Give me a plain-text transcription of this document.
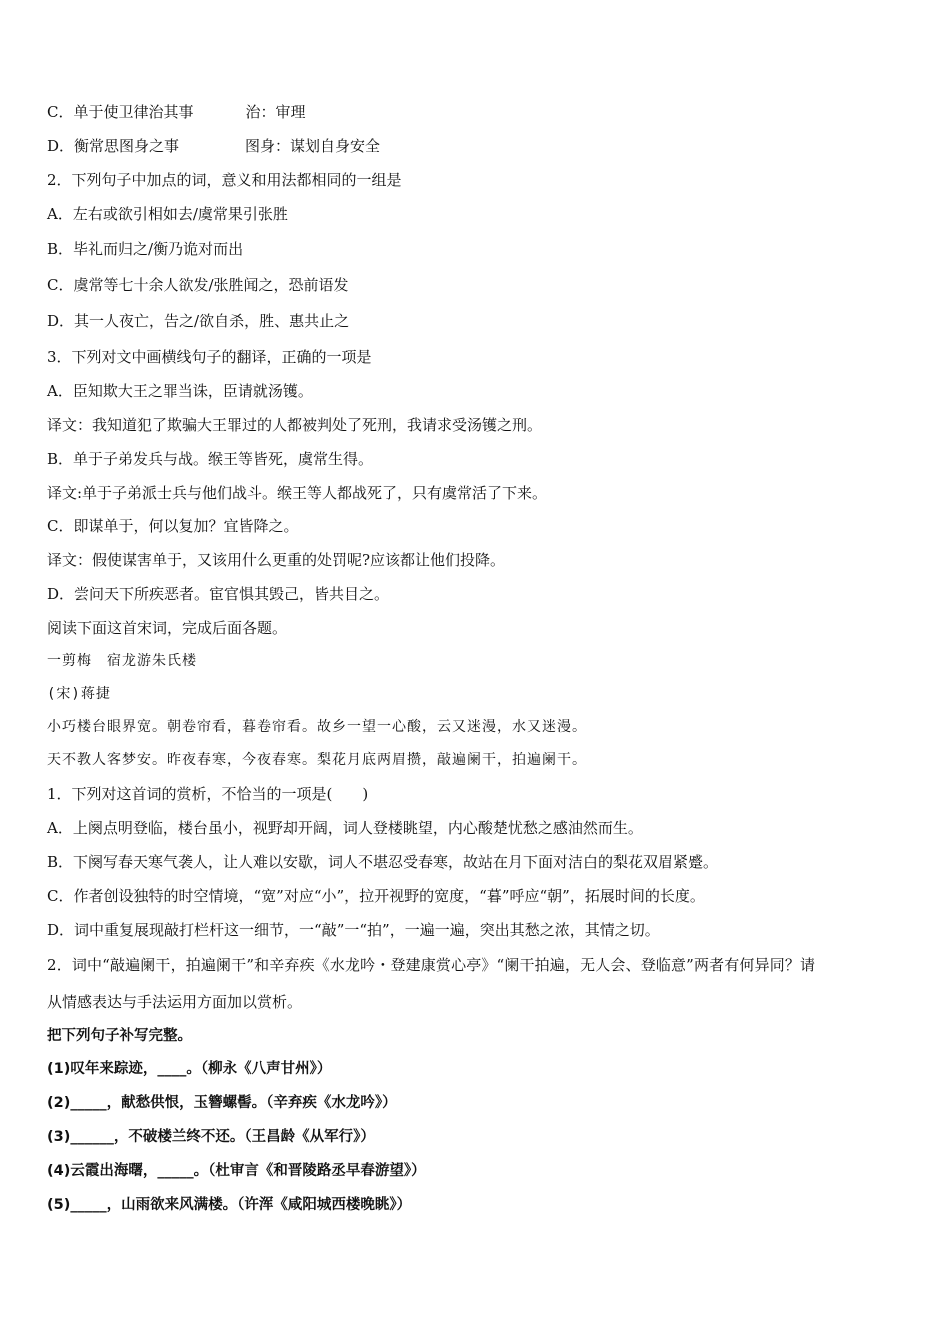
C．单于使卫律治其事	治：审理
D．衡常思图身之事	图身：谋划自身安全
2．下列句子中加点的词，意义和用法都相同的一组是
A．左右或欲引相如去/虞常果引张胜
B．毕礼而归之/衡乃诡对而出
C．虞常等七十余人欲发/张胜闻之，恐前语发
D．其一人夜亡，告之/欲自杀，胜、惠共止之
3．下列对文中画横线句子的翻译，正确的一项是
A．臣知欺大王之罪当诛，臣请就汤镬。
译文：我知道犯了欺骗大王罪过的人都被判处了死刑，我请求受汤镬之刑。
B．单于子弟发兵与战。缑王等皆死，虞常生得。
译文:单于子弟派士兵与他们战斗。缑王等人都战死了，只有虞常活了下来。
C．即谋单于，何以复加？宜皆降之。
译文：假使谋害单于，又该用什么更重的处罚呢?应该都让他们投降。
D．尝问天下所疾恶者。宦官惧其毁己，皆共目之。
阅读下面这首宋词，完成后面各题。
一剪梅　宿龙游朱氏楼
(宋)蒋捷
小巧楼台眼界宽。朝卷帘看，暮卷帘看。故乡一望一心酸，云又迷漫，水又迷漫。
天不教人客梦安。昨夜春寒，今夜春寒。梨花月底两眉攒，敲遍阑干，拍遍阑干。
1．下列对这首词的赏析，不恰当的一项是(　　)
A．上阕点明登临，楼台虽小，视野却开阔，词人登楼眺望，内心酸楚忧愁之感油然而生。
B．下阕写春天寒气袭人，让人难以安歇，词人不堪忍受春寒，故站在月下面对洁白的梨花双眉紧蹙。
C．作者创设独特的时空情境，“宽”对应“小”，拉开视野的宽度，“暮”呼应“朝”，拓展时间的长度。
D．词中重复展现敲打栏杆这一细节，一“敲”一“拍”，一遍一遍，突出其愁之浓，其情之切。
2．词中“敲遍阑干，拍遍阑干”和辛弃疾《水龙吟・登建康赏心亭》“阑干拍遍，无人会、登临意”两者有何异同？请
从情感表达与手法运用方面加以赏析。
把下列句子补写完整。
(1)叹年来踪迹，____。（柳永《八声甘州》）
(2)_____，献愁供恨，玉簪螺髻。（辛弃疾《水龙吟》）
(3)______，不破楼兰终不还。（王昌龄《从军行》）
(4)云霞出海曙，_____。（杜审言《和晋陵路丞早春游望》）
(5)_____，山雨欲来风满楼。（许浑《咸阳城西楼晚眺》）
